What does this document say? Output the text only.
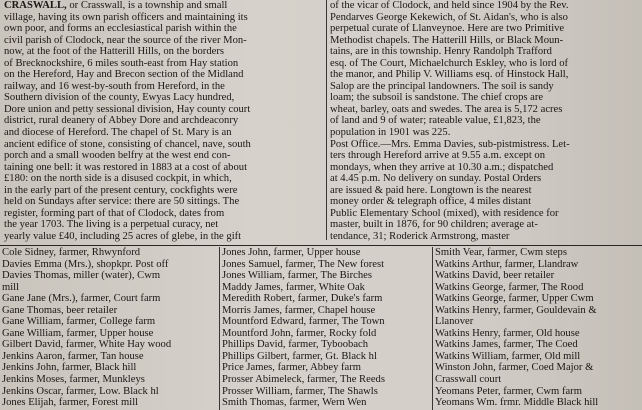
CRASWALL, or Crasswall, is a township and small
village, having its own parish officers and maintaining its
own poor, and forms an ecclesiastical parish within the
civil parish of Clodock, near the source of the river Mon-
now, at the foot of the Hatterill Hills, on the borders
of Brecknockshire, 6 miles south-east from Hay station
on the Hereford, Hay and Brecon section of the Midland
railway, and 16 west-by-south from Hereford, in the
Southern division of the county, Ewyas Lacy hundred,
Dore union and petty sessional division, Hay county court
district, rural deanery of Abbey Dore and archdeaconry
and diocese of Hereford. The chapel of St. Mary is an
ancient edifice of stone, consisting of chancel, nave, south
porch and a small wooden belfry at the west end con-
taining one bell: it was restored in 1883 at a cost of about
£180: on the north side is a disused cockpit, in which,
in the early part of the present century, cockfights were
held on Sundays after service: there are 50 sittings. The
register, forming part of that of Clodock, dates from
the year 1703. The living is a perpetual curacy, net
yearly value £40, including 25 acres of glebe, in the gift
of the vicar of Clodock, and held since 1904 by the Rev.
Pendarves George Kekewich, of St. Aidan's, who is also
perpetual curate of Llanveynoe. Here are two Primitive
Methodist chapels. The Hatterill Hills, or Black Moun-
tains, are in this township. Henry Randolph Trafford
esq. of The Court, Michaelchurch Eskley, who is lord of
the manor, and Philip V. Williams esq. of Hinstock Hall,
Salop are the principal landowners. The soil is sandy
loam; the subsoil is sandstone. The chief crops are
wheat, barley, oats and swedes. The area is 5,172 acres
of land and 9 of water; rateable value, £1,823, the
population in 1901 was 225.
Post Office.—Mrs. Emma Davies, sub-pistmistress. Let-
ters through Hereford arrive at 9.55 a.m. except on
mondays, when they arrive at 10.30 a.m.; dispatched
at 4.45 p.m. No delivery on sunday. Postal Orders
are issued & paid here. Longtown is the nearest
money order & telegraph office, 4 miles distant
Public Elementary School (mixed), with residence for
master, built in 1876, for 90 children; average at-
tendance, 31; Roderick Armstrong, master
Cole Sidney, farmer, Rhwynford
Davies Emma (Mrs.), shopkpr. Post off
Davies Thomas, miller (water), Cwm
mill
Gane Jane (Mrs.), farmer, Court farm
Gane Thomas, beer retailer
Gane William, farmer, College farm
Gane William, farmer, Upper house
Gilbert David, farmer, White Hay wood
Jenkins Aaron, farmer, Tan house
Jenkins John, farmer, Black hill
Jenkins Moses, farmer, Munkleys
Jenkins Oscar, farmer, Low. Black hl
Jones Elijah, farmer, Forest mill
Jones John, farmer, Upper house
Jones Samuel, farmer, The New forest
Jones William, farmer, The Birches
Maddy James, farmer, White Oak
Meredith Robert, farmer, Duke's farm
Morris James, farmer, Chapel house
Mountford Edward, farmer, The Town
Mountford John, farmer, Rocky fold
Phillips David, farmer, Tyboobach
Phillips Gilbert, farmer, Gt. Black hl
Price James, farmer, Abbey farm
Prosser Abimeleck, farmer, The Reeds
Prosser William, farmer, The Shawls
Smith Thomas, farmer, Wern Wen
Smith Vear, farmer, Cwm steps
Watkins Arthur, farmer, Llandraw
Watkins David, beer retailer
Watkins George, farmer, The Rood
Watkins George, farmer, Upper Cwm
Watkins Henry, farmer, Gouldevain &
Llanover
Watkins Henry, farmer, Old house
Watkins James, farmer, The Coed
Watkins William, farmer, Old mill
Winston John, farmer, Coed Major &
Crasswall court
Yeomans Peter, farmer, Cwm farm
Yeomans Wm. frmr. Middle Black hill
